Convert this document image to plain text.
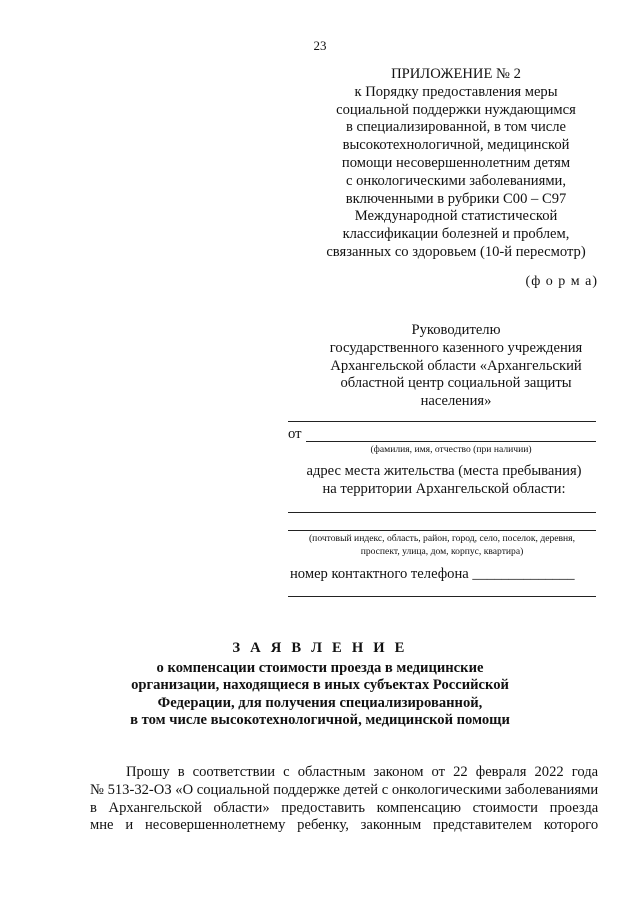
23
ПРИЛОЖЕНИЕ № 2
к Порядку предоставления меры
социальной поддержки нуждающимся
в специализированной, в том числе
высокотехнологичной, медицинской
помощи несовершеннолетним детям
с онкологическими заболеваниями,
включенными в рубрики С00 – С97
Международной статистической
классификации болезней и проблем,
связанных со здоровьем (10-й пересмотр)
(ф о р м а)
Руководителю
государственного казенного учреждения
Архангельской области «Архангельский
областной центр социальной защиты
населения»
от
(фамилия, имя, отчество (при наличии)
адрес места жительства (места пребывания)
на территории Архангельской области:
(почтовый индекс, область, район, город, село, поселок, деревня,
проспект, улица, дом, корпус, квартира)
номер контактного телефона ______________
З А Я В Л Е Н И Е
о компенсации стоимости проезда в медицинские
организации, находящиеся в иных субъектах Российской
Федерации, для получения специализированной,
в том числе высокотехнологичной, медицинской помощи
Прошу в соответствии с областным законом от 22 февраля 2022 года
№ 513-32-ОЗ «О социальной поддержке детей с онкологическими заболеваниями
в Архангельской области» предоставить компенсацию стоимости проезда
мне и несовершеннолетнему ребенку, законным представителем которого
